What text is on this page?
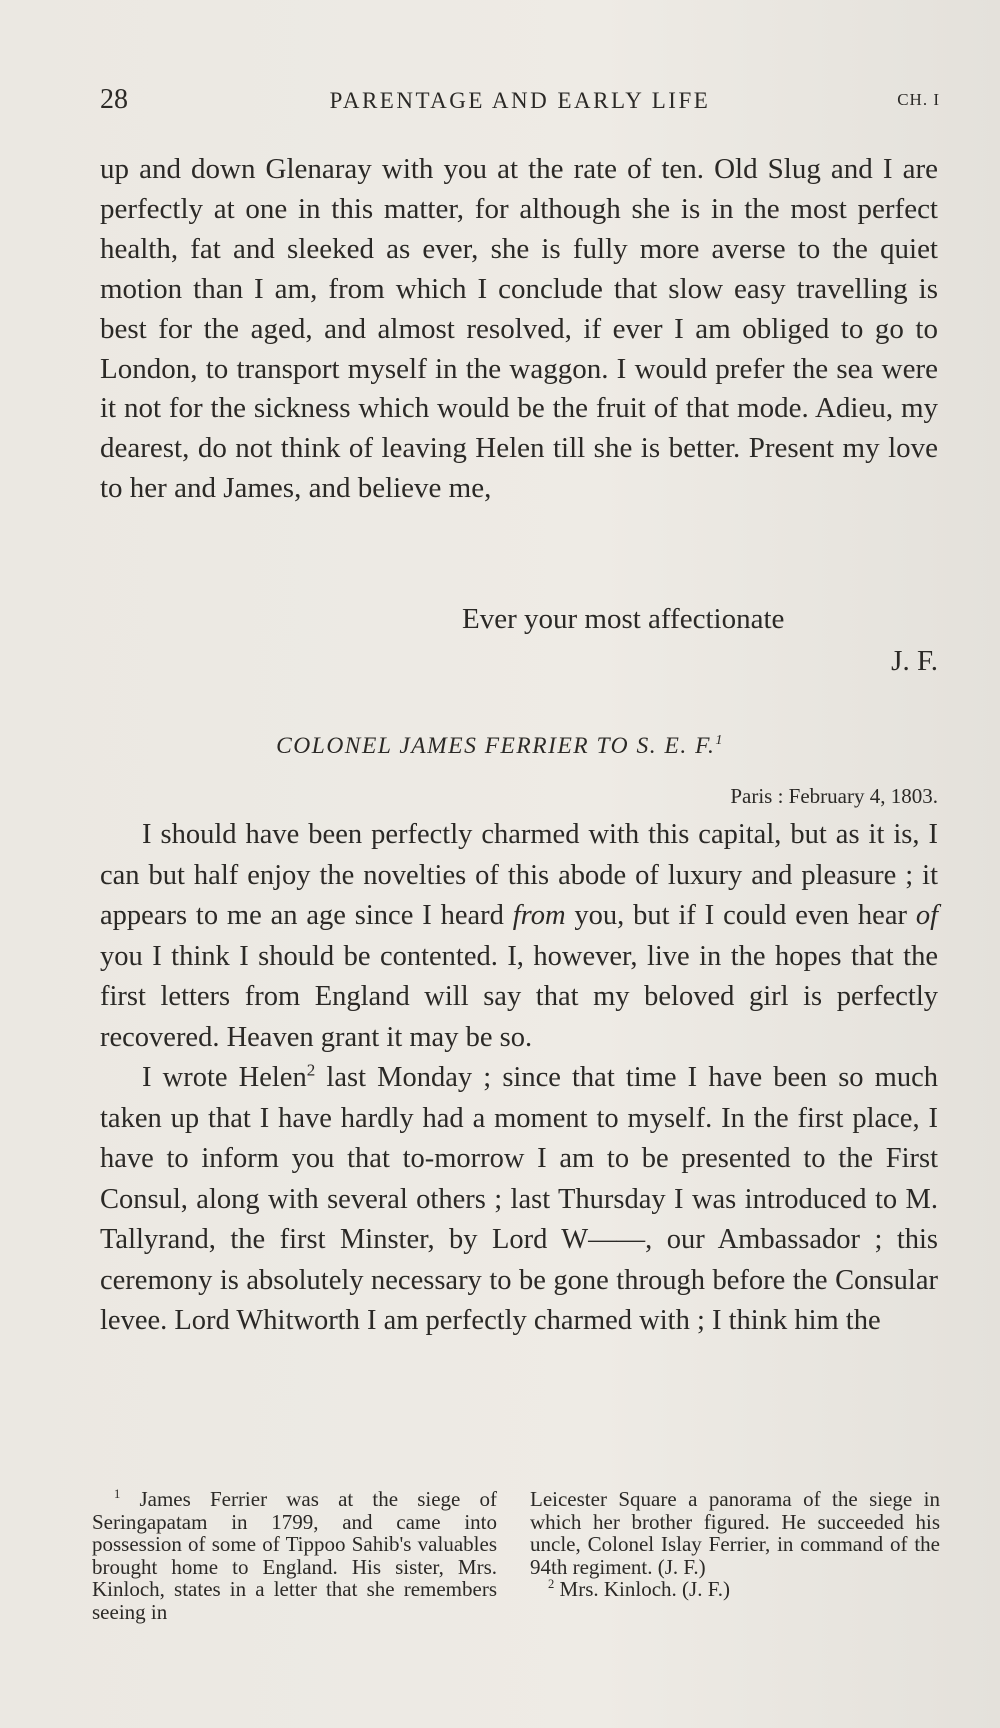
28	PARENTAGE AND EARLY LIFE	CH. I

up and down Glenaray with you at the rate of ten. Old Slug and I are perfectly at one in this matter, for although she is in the most perfect health, fat and sleeked as ever, she is fully more averse to the quiet motion than I am, from which I conclude that slow easy travelling is best for the aged, and almost resolved, if ever I am obliged to go to London, to transport myself in the waggon. I would prefer the sea were it not for the sickness which would be the fruit of that mode. Adieu, my dearest, do not think of leaving Helen till she is better. Present my love to her and James, and believe me,

Ever your most affectionate
J. F.
COLONEL JAMES FERRIER TO S. E. F.$^1$
Paris : February 4, 1803.

I should have been perfectly charmed with this capital, but as it is, I can but half enjoy the novelties of this abode of luxury and pleasure ; it appears to me an age since I heard from you, but if I could even hear of you I think I should be contented. I, however, live in the hopes that the first letters from England will say that my beloved girl is perfectly recovered. Heaven grant it may be so.

I wrote Helen$^2$ last Monday ; since that time I have been so much taken up that I have hardly had a moment to myself. In the first place, I have to inform you that to-morrow I am to be presented to the First Consul, along with several others ; last Thursday I was introduced to M. Tallyrand, the first Minster, by Lord W——, our Ambassador ; this ceremony is absolutely necessary to be gone through before the Consular levee. Lord Whitworth I am perfectly charmed with ; I think him the

$^1$ James Ferrier was at the siege of Seringapatam in 1799, and came into possession of some of Tippoo Sahib's valuables brought home to England. His sister, Mrs. Kinloch, states in a letter that she remembers seeing in

Leicester Square a panorama of the siege in which her brother figured. He succeeded his uncle, Colonel Islay Ferrier, in command of the 94th regiment. (J. F.)

$^2$ Mrs. Kinloch. (J. F.)
